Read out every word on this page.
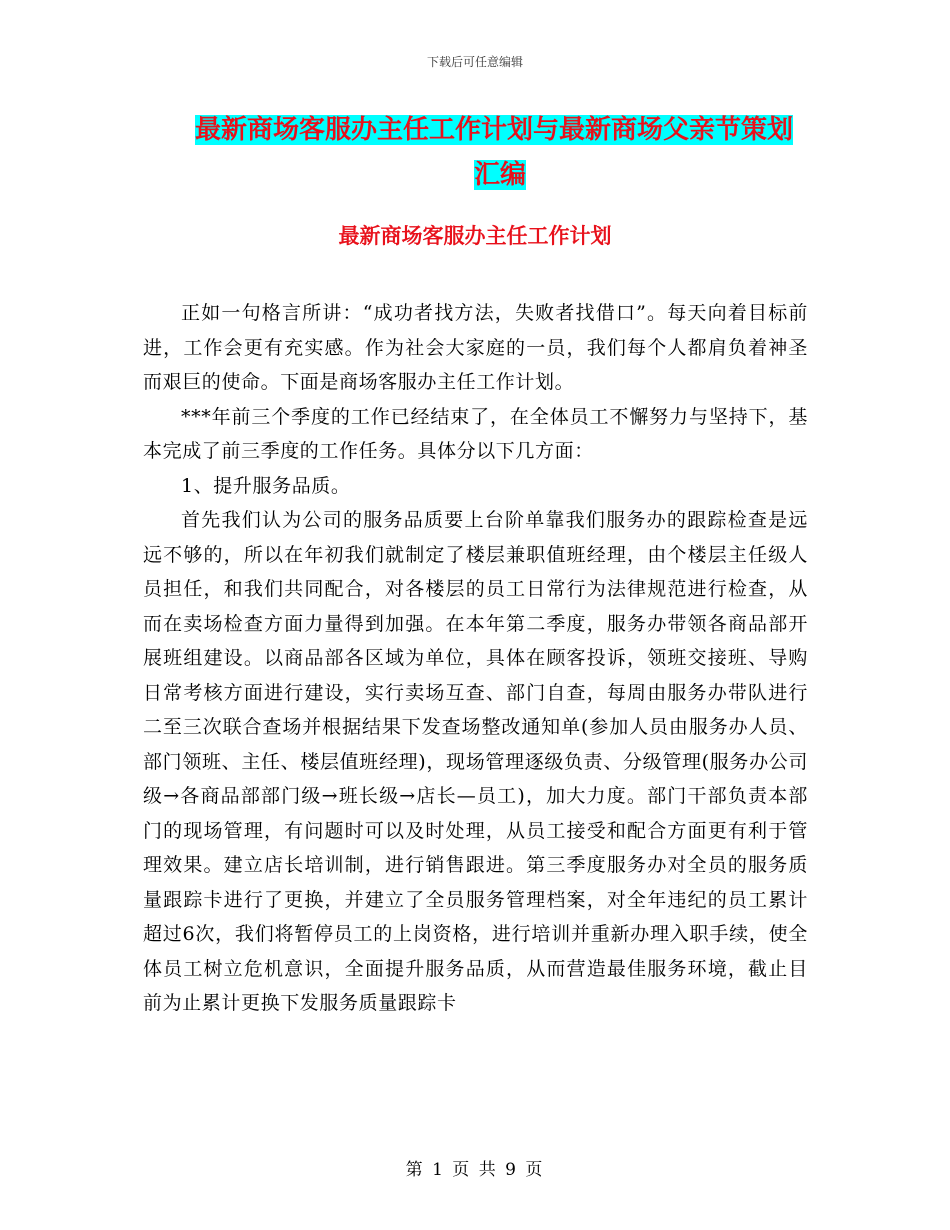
下载后可任意编辑
最新商场客服办主任工作计划与最新商场父亲节策划
汇编
最新商场客服办主任工作计划

正如一句格言所讲：“成功者找方法，失败者找借口”。每天向着目标前进，工作会更有充实感。作为社会大家庭的一员，我们每个人都肩负着神圣而艰巨的使命。下面是商场客服办主任工作计划。

***年前三个季度的工作已经结束了，在全体员工不懈努力与坚持下，基本完成了前三季度的工作任务。具体分以下几方面：

1、提升服务品质。

首先我们认为公司的服务品质要上台阶单靠我们服务办的跟踪检查是远远不够的，所以在年初我们就制定了楼层兼职值班经理，由个楼层主任级人员担任，和我们共同配合，对各楼层的员工日常行为法律规范进行检查，从而在卖场检查方面力量得到加强。在本年第二季度，服务办带领各商品部开展班组建设。以商品部各区域为单位，具体在顾客投诉，领班交接班、导购日常考核方面进行建设，实行卖场互查、部门自查，每周由服务办带队进行二至三次联合查场并根据结果下发查场整改通知单(参加人员由服务办人员、部门领班、主任、楼层值班经理)，现场管理逐级负责、分级管理(服务办公司级→各商品部部门级→班长级→店长—员工)，加大力度。部门干部负责本部门的现场管理，有问题时可以及时处理，从员工接受和配合方面更有利于管理效果。建立店长培训制，进行销售跟进。第三季度服务办对全员的服务质量跟踪卡进行了更换，并建立了全员服务管理档案，对全年违纪的员工累计超过6次，我们将暂停员工的上岗资格，进行培训并重新办理入职手续，使全体员工树立危机意识，全面提升服务品质，从而营造最佳服务环境，截止目前为止累计更换下发服务质量跟踪卡

第 1 页 共 9 页
